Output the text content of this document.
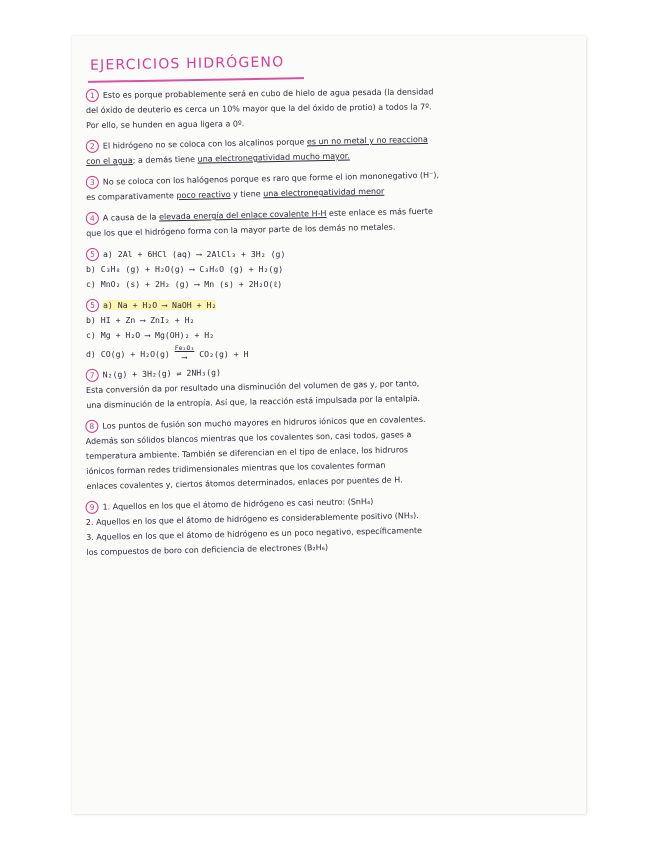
EJERCICIOS HIDRÓGENO

1 Esto es porque probablemente será en cubo de hielo de agua pesada (la densidad

del óxido de deuterio es cerca un 10% mayor que la del óxido de protio) a todos la 7º.

Por ello, se hunden en agua ligera a 0º.

2 El hidrógeno no se coloca con los alcalinos porque es un no metal y no reacciona

con el agua; a demás tiene una electronegatividad mucho mayor.

3 No se coloca con los halógenos porque es raro que forme el ion mononegativo (H⁻),

es comparativamente poco reactivo y tiene una electronegatividad menor

4 A causa de la elevada energía del enlace covalente H-H este enlace es más fuerte

que los que el hidrógeno forma con la mayor parte de los demás no metales.

5 a) 2Al + 6HCl (aq) ⟶ 2AlCl₃ + 3H₂ (g)

b) C₃H₈ (g) + H₂O(g) ⟶ C₃H₆O (g) + H₂(g)

c) MnO₂ (s) + 2H₂ (g) ⟶ Mn (s) + 2H₂O(ℓ)

5 a) Na + H₂O ⟶ NaOH + H₂

b) HI + Zn ⟶ ZnI₂ + H₂

c) Mg + H₂O ⟶ Mg(OH)₂ + H₂

d) CO(g) + H₂O(g) Fe₂O₃
⟶ CO₂(g) + H

7 N₂(g) + 3H₂(g) ⇌ 2NH₃(g)

Esta conversión da por resultado una disminución del volumen de gas y, por tanto,

una disminución de la entropía. Así que, la reacción está impulsada por la entalpía.

8 Los puntos de fusión son mucho mayores en hidruros iónicos que en covalentes.

Además son sólidos blancos mientras que los covalentes son, casi todos, gases a

temperatura ambiente. También se diferencian en el tipo de enlace, los hidruros

iónicos forman redes tridimensionales mientras que los covalentes forman

enlaces covalentes y, ciertos átomos determinados, enlaces por puentes de H.

9 1. Aquellos en los que el átomo de hidrógeno es casi neutro: (SnH₄)

2. Aquellos en los que el átomo de hidrógeno es considerablemente positivo (NH₃).

3. Aquellos en los que el átomo de hidrógeno es un poco negativo, específicamente

los compuestos de boro con deficiencia de electrones (B₂H₆)
